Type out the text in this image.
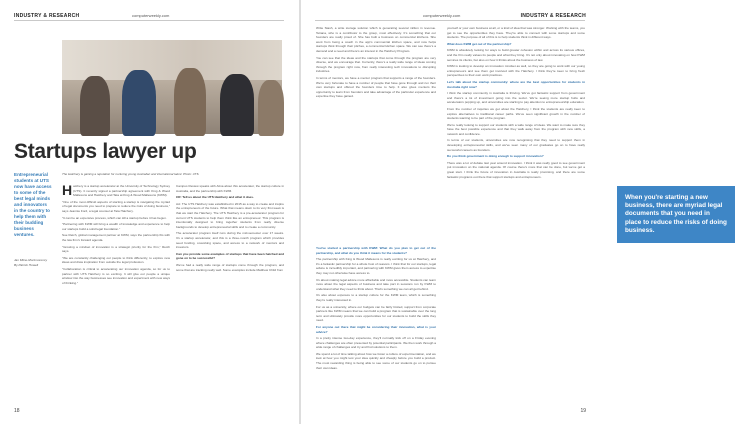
INDUSTRY & RESEARCH	computerweekly.com
Startups lawyer up
Entrepreneurial students at UTS now have access to some of the best legal minds and innovators in the country to help them with their budding business ventures.
Jan Milne-Montmorency
By Patrick Howell
The Hatchery is gaining a reputation for nurturing young Australian and international talent. Photo: UTS

Hatchery is a startup accelerator at the University of Technology Sydney (UTS). It recently signed a partnership agreement with King & Wood Mallesons and Hatchery and Tata at King & Wood Mallesons (KWM).

"One of the most difficult aspects of starting a startup is navigating the myriad of legal documents you need to prepare to reduce the risks of doing business," says Jeannie Ford, a legal counsel at Tata Hatchery.

"It can be an expensive process, which can kill a startup before it has begun.

"Partnering with KWM will bring a wealth of knowledge and experience to help our startups build a solid legal foundation."

Sue Reich, global management partner at KWM, says the partnership fits with the law firm's forward agenda.

"Growing a mindset of innovation is a strategic priority for the firm," Reich says.

"We are constantly challenging our people to think differently, to explore new ideas and draw inspiration from outside the legal profession.

"Collaboration is critical to accelerating our innovation agenda, so for us to partner with UTS Hatchery is so exciting. It will give our people a unique window into the way businesses see innovation and experiment with new ways of thinking."

Campus Review speaks with Alina about this accelerator, the startup culture in Australia, and the partnership with KWM.

CR: Tell us about the UTS Hatchery and what it does.

AA: The UTS Hatchery was established in 2015 as a way to create and inspire the entrepreneurs of the future. What that means down to its very first week is that we start the Hatchery. The UTS Hatchery is a pre-accelerator program for current UTS students to help them think like an entrepreneur. This program is intentionally designed to bring together students from really diverse backgrounds to develop entrepreneurial skills and to create a community.

The accelerator program itself runs during the mid-semester over 17 weeks. It's a startup accelerator, and this is a three-month program which provides seed funding, coworking space, and access to a network of mentors and investors.

Can you provide some examples of startups that have been hatched and gone on to be successful?

We've had a really wide range of startups come through the program, and some that are tracking really well. Some examples include Matthew Child from

18
computerweekly.com	INDUSTRY & RESEARCH

Write Stash, a write storage solution which is generating several million in revenue. Tetiana, who is a contributor to the group, most effectively. It's something that our founders are really proud of. She has built a business on commercial kitchens. She went from being a coach in the app's commercial kitchen space, and now helps startups think through their pitches, a commercial kitchen space. We can see there's a demand and a need and there's an interest in the Hatchery Program.

You can see that the ideas and the startups that come through the program are very diverse, and we encourage that. Currently, there's a really wide range of ideas coming through the program right now, from really interesting tech innovations to disrupting industries.

In terms of mentors, we have a mentor program that supports a range of the founders. We're very fortunate to have a number of people that have gone through and run their own startups and offered the founders time to help. It also gives mentors the opportunity to learn from founders and take advantage of the particular experience and expertise they have gained.

When you're starting a new business, there are myriad legal documents that you need in place to reduce the risks of doing business.

You've started a partnership with KWM: What do you plan to get out of the partnership, and what do you think it means for the students?

The partnership with King & Wood Mallesons is really exciting for us at Hatchery, and it's a fantastic partnership for a whole host of reasons. I think that for our startups, legal advice is incredibly important, and partnering with KWM gives them access to expertise they may not otherwise have access to.

It's about making legal advice more affordable and more accessible. Students can learn more about the legal aspects of business and take part in sessions run by KWM to understand what they need to think about. That's something we can all get behind.

It's also about exposure to a startup culture for the KWM team, which is something they're really interested in.

For us as a university, where our budgets can be fairly limited, support from corporate partners like KWM means that we can build a program that is sustainable over the long term and ultimately provide more opportunities for our students to build the skills they need.

For anyone out there that might be considering their innovation, what is your advice?

In a pretty intense two-day experience, they'll normally kick off on a Friday evening where challenges are often presented by potential participants. We then work through a wide range of challenges and try and find solutions to them.

We spend a lot of time talking about how we foster a culture of experimentation, and we look at how you might test your idea quickly and cheaply before you build a product. The most rewarding thing is being able to see some of our students go on to pursue their own ideas.

yourself or your own business at all, or a kind of idea that was stronger. Working with the teams, you get to see the opportunities they have. They're able to connect with some startups and some students. The purpose of all of this is to help students think in different ways.

What does KWM get out of the partnership?

KWM is absolutely looking for ways to build greater cohesion within and across its various offices, and the firm really values its people and what they bring. It's not only about innovating on how KWM services its clients, but also on how it thinks about the business of law.

KWM is looking to develop an innovation mindset as well, so they are going to work with our young entrepreneurs and see them get involved with the Hatchery. I think they're keen to bring fresh perspectives to their own work practices.

Let's talk about the startup community: where are the best opportunities for students in Australia right now?

I think the startup community in Australia is thriving. We've got fantastic support from government and there's a lot of investment going into the sector. We're seeing more startup hubs and accelerators popping up, and universities are starting to pay attention to entrepreneurship education.

From the number of inquiries we get about the Hatchery, I think the students are really keen to explore alternatives to traditional career paths. We've seen significant growth in the number of students wanting to be part of the program.

We're really looking to support our students with a wide range of ideas. We want to make sure they have the best possible experience and that they walk away from the program with new skills, a network and confidence.

In terms of our students, universities are now recognising that they need to support them in developing entrepreneurial skills, and we've seen many of our graduates go on to have really successful careers as founders.

Do you think government is doing enough to support innovation?

There was a lot of debate last year around innovation. I think it was really good to see government put innovation on the national agenda. Of course there's more that can be done, but we've got a great start. I think the future of innovation in Australia is really promising, and there are some fantastic programs out there that support startups and entrepreneurs.

19
